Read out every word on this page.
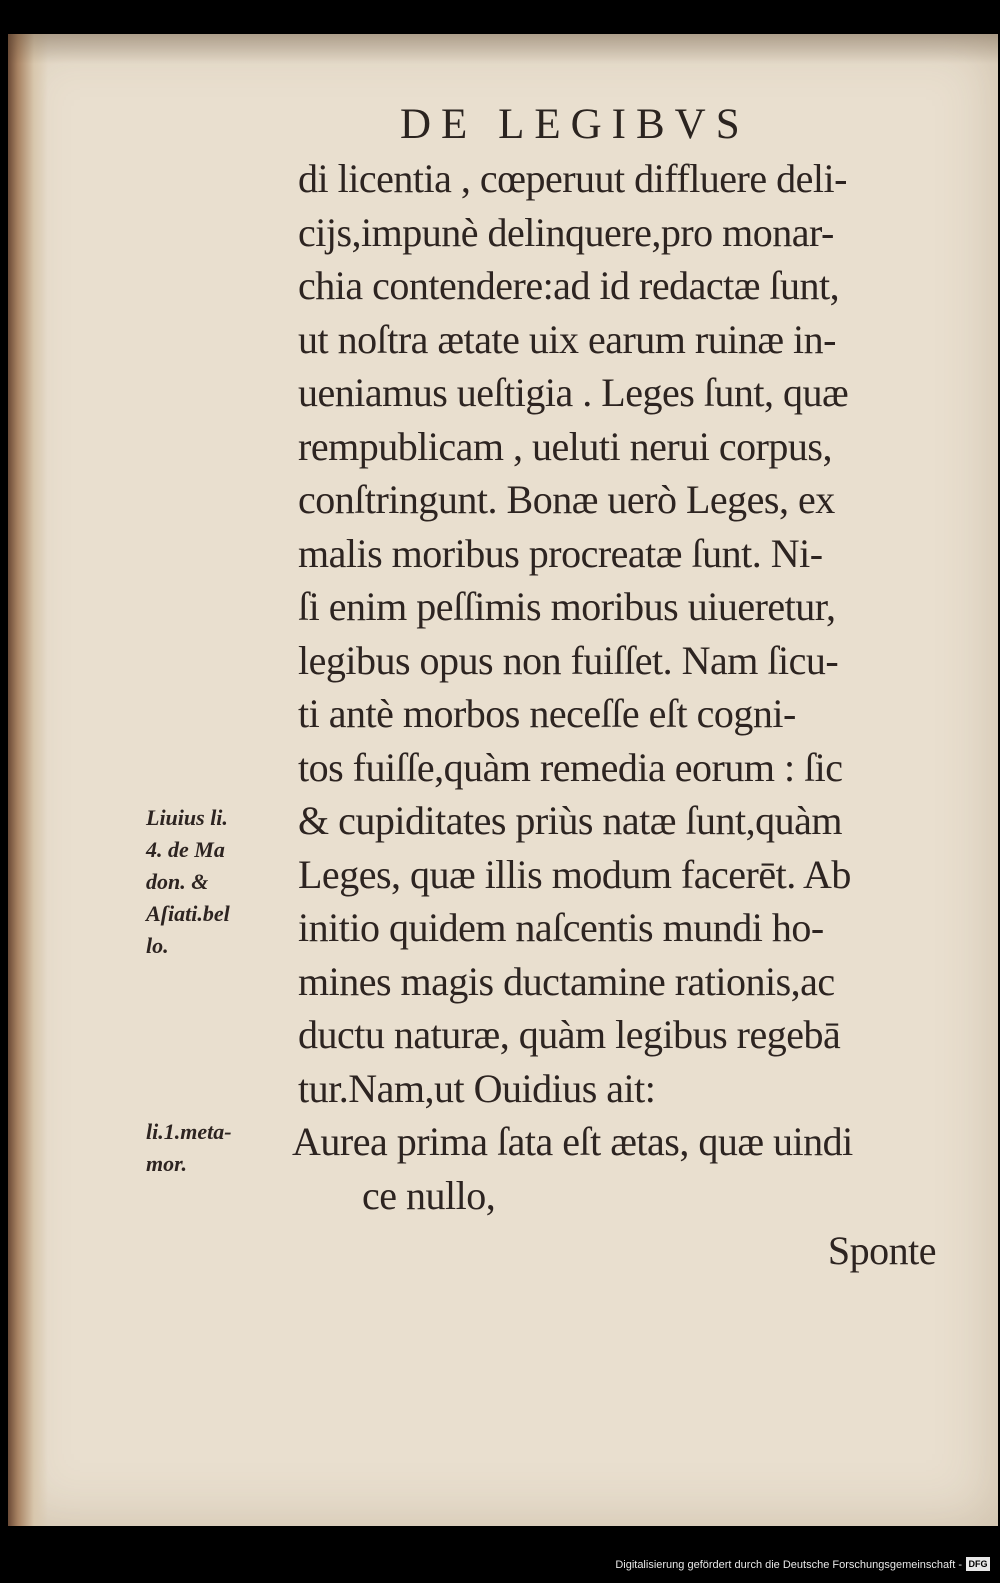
DE LEGIBVS
di licentia , cœperuut diffluere deli-
cijs,impunè delinquere,pro monar-
chia contendere:ad id redactæ ſunt,
ut noſtra ætate uix earum ruinæ in-
ueniamus ueſtigia . Leges ſunt, quæ
rempublicam , ueluti nerui corpus,
conſtringunt. Bonæ uerò Leges, ex
malis moribus procreatæ ſunt. Ni-
ſi enim peſſimis moribus uiueretur,
legibus opus non fuiſſet. Nam ſicu-
ti antè morbos neceſſe eſt cogni-
tos fuiſſe,quàm remedia eorum : ſic
& cupiditates priùs natæ ſunt,quàm
Leges, quæ illis modum facerēt. Ab
initio quidem naſcentis mundi ho-
mines magis ductamine rationis,ac
ductu naturæ, quàm legibus regebā
tur.Nam,ut Ouidius ait:
Aurea prima ſata eſt ætas, quæ uindi
ce nullo,
Sponte
Liuius li.
4. de Ma
don. &
Aſiati.bel
lo.
li.1.meta-
mor.
Digitalisierung gefördert durch die Deutsche Forschungsgemeinschaft - DFG
